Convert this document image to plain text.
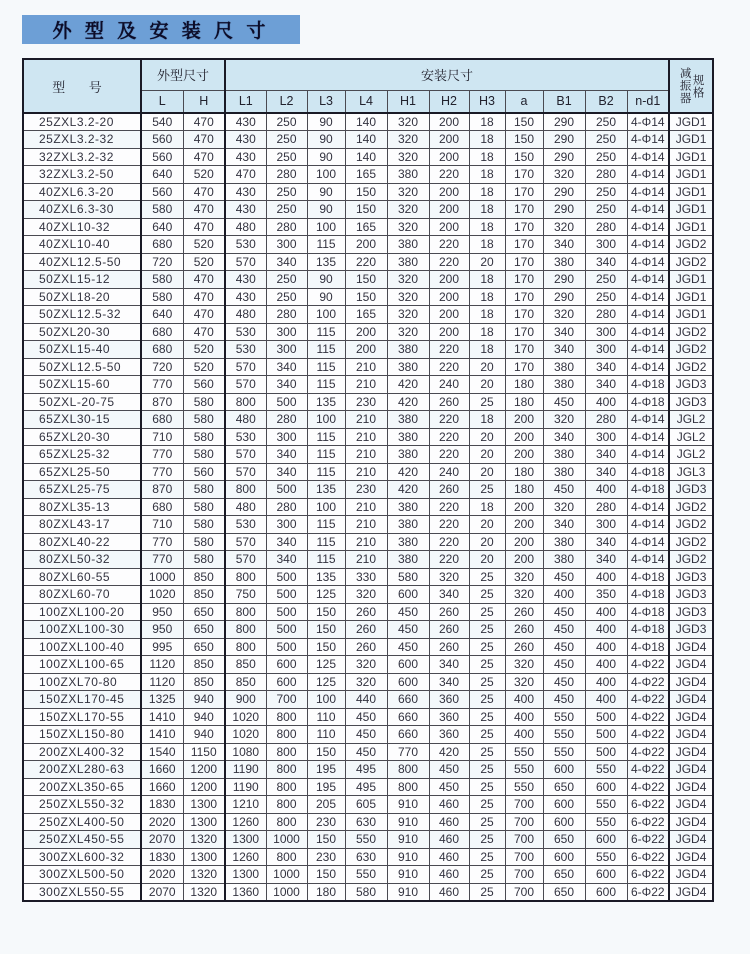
外 型 及 安 装 尺 寸
型 号	外型尺寸		安装尺寸											减振器 规格

	L	H	L1	L2	L3	L4	H1	H2	H3	a	B1	B2	n-d1	
25ZXL3.2-20	540	470	430	250	90	140	320	200	18	150	290	250	4-Φ14	JGD1
25ZXL3.2-32	560	470	430	250	90	140	320	200	18	150	290	250	4-Φ14	JGD1
32ZXL3.2-32	560	470	430	250	90	140	320	200	18	150	290	250	4-Φ14	JGD1
32ZXL3.2-50	640	520	470	280	100	165	380	220	18	170	320	280	4-Φ14	JGD1
40ZXL6.3-20	560	470	430	250	90	150	320	200	18	170	290	250	4-Φ14	JGD1
40ZXL6.3-30	580	470	430	250	90	150	320	200	18	170	290	250	4-Φ14	JGD1
40ZXL10-32	640	470	480	280	100	165	320	200	18	170	320	280	4-Φ14	JGD1
40ZXL10-40	680	520	530	300	115	200	380	220	18	170	340	300	4-Φ14	JGD2
40ZXL12.5-50	720	520	570	340	135	220	380	220	20	170	380	340	4-Φ14	JGD2
50ZXL15-12	580	470	430	250	90	150	320	200	18	170	290	250	4-Φ14	JGD1
50ZXL18-20	580	470	430	250	90	150	320	200	18	170	290	250	4-Φ14	JGD1
50ZXL12.5-32	640	470	480	280	100	165	320	200	18	170	320	280	4-Φ14	JGD1
50ZXL20-30	680	470	530	300	115	200	320	200	18	170	340	300	4-Φ14	JGD2
50ZXL15-40	680	520	530	300	115	200	380	220	18	170	340	300	4-Φ14	JGD2
50ZXL12.5-50	720	520	570	340	115	210	380	220	20	170	380	340	4-Φ14	JGD2
50ZXL15-60	770	560	570	340	115	210	420	240	20	180	380	340	4-Φ18	JGD3
50ZXL-20-75	870	580	800	500	135	230	420	260	25	180	450	400	4-Φ18	JGD3
65ZXL30-15	680	580	480	280	100	210	380	220	18	200	320	280	4-Φ14	JGL2
65ZXL20-30	710	580	530	300	115	210	380	220	20	200	340	300	4-Φ14	JGL2
65ZXL25-32	770	580	570	340	115	210	380	220	20	200	380	340	4-Φ14	JGL2
65ZXL25-50	770	560	570	340	115	210	420	240	20	180	380	340	4-Φ18	JGL3
65ZXL25-75	870	580	800	500	135	230	420	260	25	180	450	400	4-Φ18	JGD3
80ZXL35-13	680	580	480	280	100	210	380	220	18	200	320	280	4-Φ14	JGD2
80ZXL43-17	710	580	530	300	115	210	380	220	20	200	340	300	4-Φ14	JGD2
80ZXL40-22	770	580	570	340	115	210	380	220	20	200	380	340	4-Φ14	JGD2
80ZXL50-32	770	580	570	340	115	210	380	220	20	200	380	340	4-Φ14	JGD2
80ZXL60-55	1000	850	800	500	135	330	580	320	25	320	450	400	4-Φ18	JGD3
80ZXL60-70	1020	850	750	500	125	320	600	340	25	320	400	350	4-Φ18	JGD3
100ZXL100-20	950	650	800	500	150	260	450	260	25	260	450	400	4-Φ18	JGD3
100ZXL100-30	950	650	800	500	150	260	450	260	25	260	450	400	4-Φ18	JGD3
100ZXL100-40	995	650	800	500	150	260	450	260	25	260	450	400	4-Φ18	JGD4
100ZXL100-65	1120	850	850	600	125	320	600	340	25	320	450	400	4-Φ22	JGD4
100ZXL70-80	1120	850	850	600	125	320	600	340	25	320	450	400	4-Φ22	JGD4
150ZXL170-45	1325	940	900	700	100	440	660	360	25	400	450	400	4-Φ22	JGD4
150ZXL170-55	1410	940	1020	800	110	450	660	360	25	400	550	500	4-Φ22	JGD4
150ZXL150-80	1410	940	1020	800	110	450	660	360	25	400	550	500	4-Φ22	JGD4
200ZXL400-32	1540	1150	1080	800	150	450	770	420	25	550	550	500	4-Φ22	JGD4
200ZXL280-63	1660	1200	1190	800	195	495	800	450	25	550	600	550	4-Φ22	JGD4
200ZXL350-65	1660	1200	1190	800	195	495	800	450	25	550	650	600	4-Φ22	JGD4
250ZXL550-32	1830	1300	1210	800	205	605	910	460	25	700	600	550	6-Φ22	JGD4
250ZXL400-50	2020	1300	1260	800	230	630	910	460	25	700	600	550	6-Φ22	JGD4
250ZXL450-55	2070	1320	1300	1000	150	550	910	460	25	700	650	600	6-Φ22	JGD4
300ZXL600-32	1830	1300	1260	800	230	630	910	460	25	700	600	550	6-Φ22	JGD4
300ZXL500-50	2020	1320	1300	1000	150	550	910	460	25	700	650	600	6-Φ22	JGD4
300ZXL550-55	2070	1320	1360	1000	180	580	910	460	25	700	650	600	6-Φ22	JGD4
